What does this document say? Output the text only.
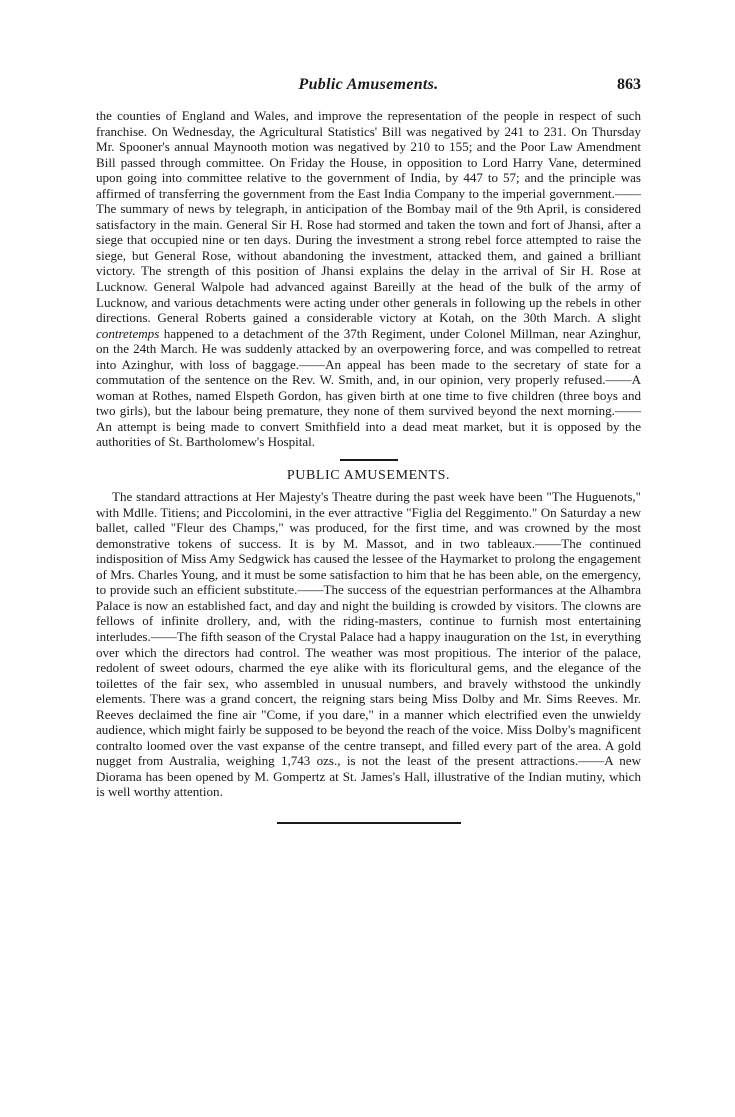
Public Amusements.	863

the counties of England and Wales, and improve the representation of the people in respect of such franchise. On Wednesday, the Agricultural Statistics' Bill was negatived by 241 to 231. On Thursday Mr. Spooner's annual Maynooth motion was negatived by 210 to 155; and the Poor Law Amendment Bill passed through committee. On Friday the House, in opposition to Lord Harry Vane, determined upon going into committee relative to the government of India, by 447 to 57; and the principle was affirmed of transferring the government from the East India Company to the imperial government.——The summary of news by telegraph, in anticipation of the Bombay mail of the 9th April, is considered satisfactory in the main. General Sir H. Rose had stormed and taken the town and fort of Jhansi, after a siege that occupied nine or ten days. During the investment a strong rebel force attempted to raise the siege, but General Rose, without abandoning the investment, attacked them, and gained a brilliant victory. The strength of this position of Jhansi explains the delay in the arrival of Sir H. Rose at Lucknow. General Walpole had advanced against Bareilly at the head of the bulk of the army of Lucknow, and various detachments were acting under other generals in following up the rebels in other directions. General Roberts gained a considerable victory at Kotah, on the 30th March. A slight contretemps happened to a detachment of the 37th Regiment, under Colonel Millman, near Azinghur, on the 24th March. He was suddenly attacked by an overpowering force, and was compelled to retreat into Azinghur, with loss of baggage.——An appeal has been made to the secretary of state for a commutation of the sentence on the Rev. W. Smith, and, in our opinion, very properly refused.——A woman at Rothes, named Elspeth Gordon, has given birth at one time to five children (three boys and two girls), but the labour being premature, they none of them survived beyond the next morning.——An attempt is being made to convert Smithfield into a dead meat market, but it is opposed by the authorities of St. Bartholomew's Hospital.

PUBLIC AMUSEMENTS.

The standard attractions at Her Majesty's Theatre during the past week have been "The Huguenots," with Mdlle. Titiens; and Piccolomini, in the ever attractive "Figlia del Reggimento." On Saturday a new ballet, called "Fleur des Champs," was produced, for the first time, and was crowned by the most demonstrative tokens of success. It is by M. Massot, and in two tableaux.——The continued indisposition of Miss Amy Sedgwick has caused the lessee of the Haymarket to prolong the engagement of Mrs. Charles Young, and it must be some satisfaction to him that he has been able, on the emergency, to provide such an efficient substitute.——The success of the equestrian performances at the Alhambra Palace is now an established fact, and day and night the building is crowded by visitors. The clowns are fellows of infinite drollery, and, with the riding-masters, continue to furnish most entertaining interludes.——The fifth season of the Crystal Palace had a happy inauguration on the 1st, in everything over which the directors had control. The weather was most propitious. The interior of the palace, redolent of sweet odours, charmed the eye alike with its floricultural gems, and the elegance of the toilettes of the fair sex, who assembled in unusual numbers, and bravely withstood the unkindly elements. There was a grand concert, the reigning stars being Miss Dolby and Mr. Sims Reeves. Mr. Reeves declaimed the fine air "Come, if you dare," in a manner which electrified even the unwieldy audience, which might fairly be supposed to be beyond the reach of the voice. Miss Dolby's magnificent contralto loomed over the vast expanse of the centre transept, and filled every part of the area. A gold nugget from Australia, weighing 1,743 ozs., is not the least of the present attractions.——A new Diorama has been opened by M. Gompertz at St. James's Hall, illustrative of the Indian mutiny, which is well worthy attention.
